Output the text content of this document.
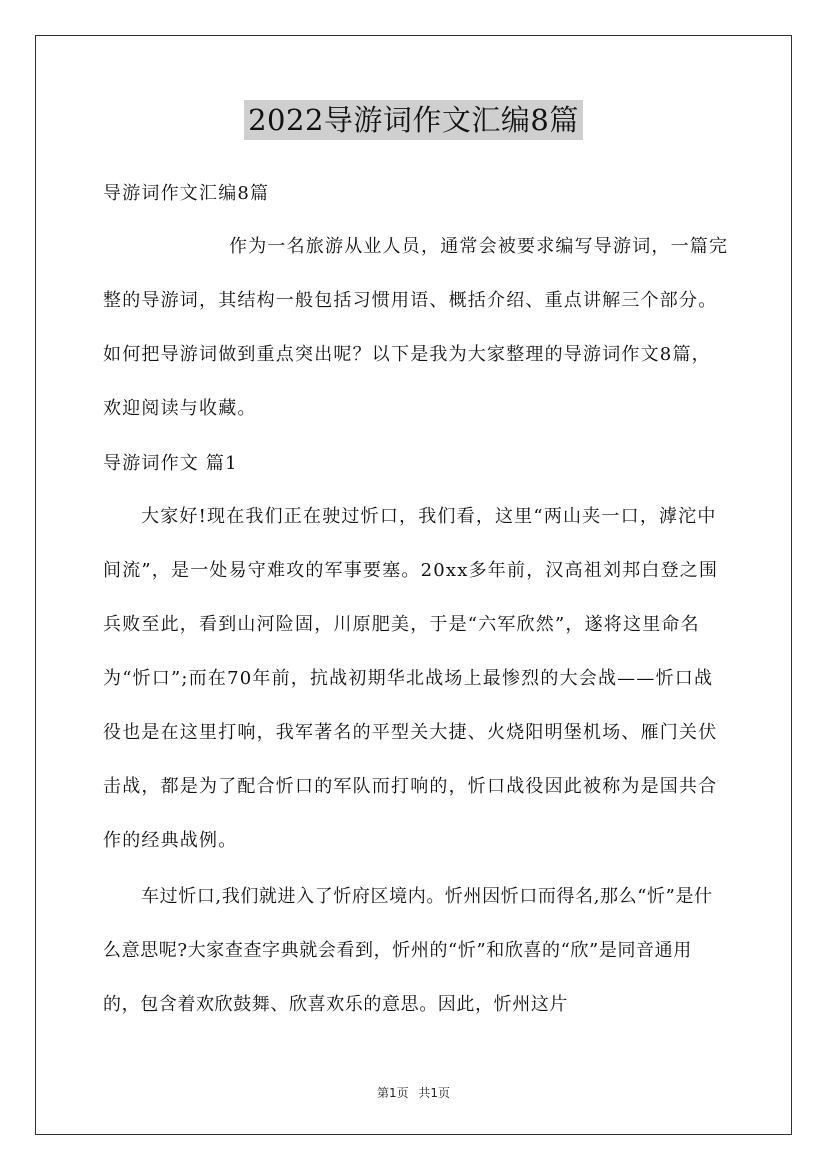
2022导游词作文汇编8篇
导游词作文汇编8篇
作为一名旅游从业人员，通常会被要求编写导游词，一篇完整的导游词，其结构一般包括习惯用语、概括介绍、重点讲解三个部分。如何把导游词做到重点突出呢？以下是我为大家整理的导游词作文8篇，欢迎阅读与收藏。
导游词作文 篇1
大家好!现在我们正在驶过忻口，我们看，这里“两山夹一口，滹沱中间流”，是一处易守难攻的军事要塞。20xx多年前，汉高祖刘邦白登之围兵败至此，看到山河险固，川原肥美，于是“六军欣然”，遂将这里命名为“忻口”;而在70年前，抗战初期华北战场上最惨烈的大会战——忻口战役也是在这里打响，我军著名的平型关大捷、火烧阳明堡机场、雁门关伏击战，都是为了配合忻口的军队而打响的，忻口战役因此被称为是国共合作的经典战例。
车过忻口,我们就进入了忻府区境内。忻州因忻口而得名,那么“忻”是什么意思呢?大家查查字典就会看到，忻州的“忻”和欣喜的“欣”是同音通用的，包含着欢欣鼓舞、欣喜欢乐的意思。因此，忻州这片
第1页 共1页
